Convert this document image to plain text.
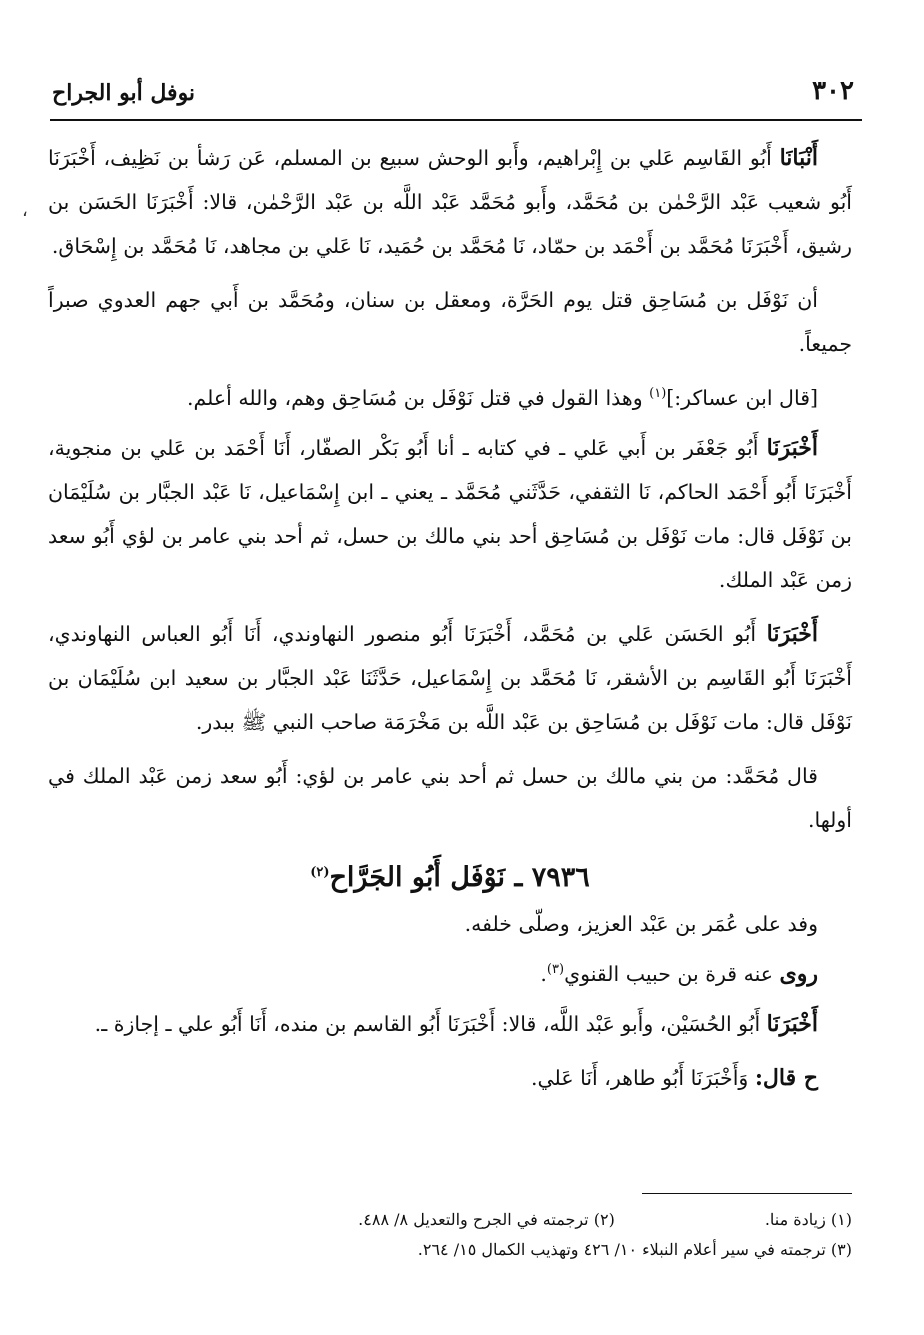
٣٠٢
نوفل أبو الجراح
،

أَنْبَانَا أَبُو القَاسِم عَلي بن إِبْراهيم، وأَبو الوحش سبيع بن المسلم، عَن رَشأ بن نَظِيف، أَخْبَرَنَا أَبُو شعيب عَبْد الرَّحْمٰن بن مُحَمَّد، وأَبو مُحَمَّد عَبْد اللَّه بن عَبْد الرَّحْمٰن، قالا: أَخْبَرَنَا الحَسَن بن رشيق، أَخْبَرَنَا مُحَمَّد بن أَحْمَد بن حمّاد، نَا مُحَمَّد بن حُمَيد، نَا عَلي بن مجاهد، نَا مُحَمَّد بن إِسْحَاق.

أن نَوْفَل بن مُسَاحِق قتل يوم الحَرَّة، ومعقل بن سنان، ومُحَمَّد بن أَبي جهم العدوي صبراً جميعاً.

[قال ابن عساكر:]$^{(١)}$ وهذا القول في قتل نَوْفَل بن مُسَاحِق وهم، والله أعلم.

أَخْبَرَنَا أَبُو جَعْفَر بن أَبي عَلي ـ في كتابه ـ أنا أَبُو بَكْر الصفّار، أَنَا أَحْمَد بن عَلي بن منجوية، أَخْبَرَنَا أَبُو أَحْمَد الحاكم، نَا الثقفي، حَدَّثَني مُحَمَّد ـ يعني ـ ابن إِسْمَاعيل، نَا عَبْد الجبَّار بن سُلَيْمَان بن نَوْفَل قال: مات نَوْفَل بن مُسَاحِق أحد بني مالك بن حسل، ثم أحد بني عامر بن لؤي أَبُو سعد زمن عَبْد الملك.

أَخْبَرَنَا أَبُو الحَسَن عَلي بن مُحَمَّد، أَخْبَرَنَا أَبُو منصور النهاوندي، أَنَا أَبُو العباس النهاوندي، أَخْبَرَنَا أَبُو القَاسِم بن الأشقر، نَا مُحَمَّد بن إِسْمَاعيل، حَدَّثَنَا عَبْد الجبَّار بن سعيد ابن سُلَيْمَان بن نَوْفَل قال: مات نَوْفَل بن مُسَاحِق بن عَبْد اللَّه بن مَخْرَمَة صاحب النبي ﷺ ببدر.

قال مُحَمَّد: من بني مالك بن حسل ثم أحد بني عامر بن لؤي: أَبُو سعد زمن عَبْد الملك في أولها.

٧٩٣٦ ـ نَوْفَل أَبُو الجَرَّاح$^{(٢)}$

وفد على عُمَر بن عَبْد العزيز، وصلّى خلفه.

روى عنه قرة بن حبيب القنوي$^{(٣)}$.

أَخْبَرَنَا أَبُو الحُسَيْن، وأَبو عَبْد اللَّه، قالا: أَخْبَرَنَا أَبُو القاسم بن منده، أَنَا أَبُو علي ـ إجازة ـ.

ح قال: وَأَخْبَرَنَا أَبُو طاهر، أَنَا عَلي.

(١) زيادة منا.(٢) ترجمته في الجرح والتعديل ٨/ ٤٨٨.
(٣) ترجمته في سير أعلام النبلاء ١٠/ ٤٢٦ وتهذيب الكمال ١٥/ ٢٦٤.
